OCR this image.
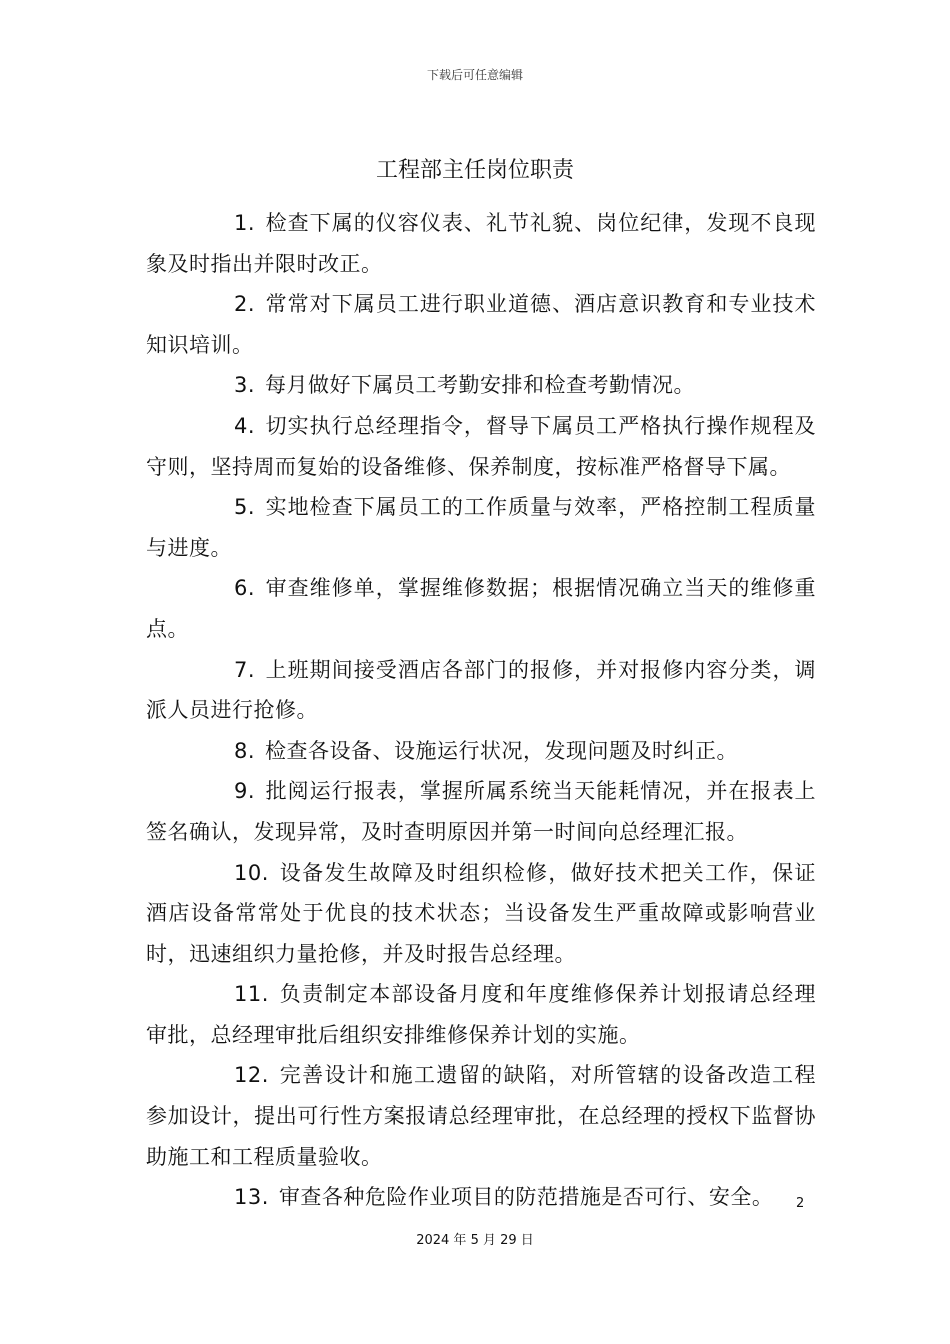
下载后可任意编辑
工程部主任岗位职责

1. 检查下属的仪容仪表、礼节礼貌、岗位纪律，发现不良现象及时指出并限时改正。

2. 常常对下属员工进行职业道德、酒店意识教育和专业技术知识培训。

3. 每月做好下属员工考勤安排和检查考勤情况。

4. 切实执行总经理指令，督导下属员工严格执行操作规程及守则，坚持周而复始的设备维修、保养制度，按标准严格督导下属。

5. 实地检查下属员工的工作质量与效率，严格控制工程质量与进度。

6. 审查维修单，掌握维修数据；根据情况确立当天的维修重点。

7. 上班期间接受酒店各部门的报修，并对报修内容分类，调派人员进行抢修。

8. 检查各设备、设施运行状况，发现问题及时纠正。

9. 批阅运行报表，掌握所属系统当天能耗情况，并在报表上签名确认，发现异常，及时查明原因并第一时间向总经理汇报。

10. 设备发生故障及时组织检修，做好技术把关工作，保证酒店设备常常处于优良的技术状态；当设备发生严重故障或影响营业时，迅速组织力量抢修，并及时报告总经理。

11. 负责制定本部设备月度和年度维修保养计划报请总经理审批，总经理审批后组织安排维修保养计划的实施。

12. 完善设计和施工遗留的缺陷，对所管辖的设备改造工程参加设计，提出可行性方案报请总经理审批，在总经理的授权下监督协助施工和工程质量验收。

13. 审查各种危险作业项目的防范措施是否可行、安全。	2
2024 年 5 月 29 日
